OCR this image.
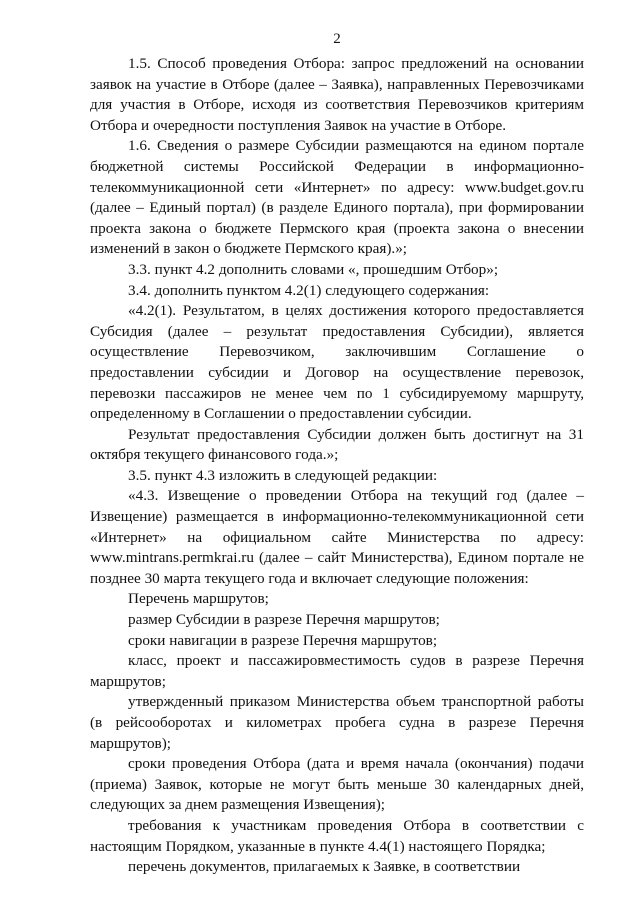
2

1.5. Способ проведения Отбора: запрос предложений на основании заявок на участие в Отборе (далее – Заявка), направленных Перевозчиками для участия в Отборе, исходя из соответствия Перевозчиков критериям Отбора и очередности поступления Заявок на участие в Отборе.

1.6. Сведения о размере Субсидии размещаются на едином портале бюджетной системы Российской Федерации в информационно-телекоммуникационной сети «Интернет» по адресу: www.budget.gov.ru (далее – Единый портал) (в разделе Единого портала), при формировании проекта закона о бюджете Пермского края (проекта закона о внесении изменений в закон о бюджете Пермского края).»;

3.3. пункт 4.2 дополнить словами «, прошедшим Отбор»;

3.4. дополнить пунктом 4.2(1) следующего содержания:

«4.2(1). Результатом, в целях достижения которого предоставляется Субсидия (далее – результат предоставления Субсидии), является осуществление Перевозчиком, заключившим Соглашение о предоставлении субсидии и Договор на осуществление перевозок, перевозки пассажиров не менее чем по 1 субсидируемому маршруту, определенному в Соглашении о предоставлении субсидии.

Результат предоставления Субсидии должен быть достигнут на 31 октября текущего финансового года.»;

3.5. пункт 4.3 изложить в следующей редакции:

«4.3. Извещение о проведении Отбора на текущий год (далее – Извещение) размещается в информационно-телекоммуникационной сети «Интернет» на официальном сайте Министерства по адресу: www.mintrans.permkrai.ru (далее – сайт Министерства), Едином портале не позднее 30 марта текущего года и включает следующие положения:

Перечень маршрутов;

размер Субсидии в разрезе Перечня маршрутов;

сроки навигации в разрезе Перечня маршрутов;

класс, проект и пассажировместимость судов в разрезе Перечня маршрутов;

утвержденный приказом Министерства объем транспортной работы (в рейсооборотах и километрах пробега судна в разрезе Перечня маршрутов);

сроки проведения Отбора (дата и время начала (окончания) подачи (приема) Заявок, которые не могут быть меньше 30 календарных дней, следующих за днем размещения Извещения);

требования к участникам проведения Отбора в соответствии с настоящим Порядком, указанные в пункте 4.4(1) настоящего Порядка;

перечень документов, прилагаемых к Заявке, в соответствии
